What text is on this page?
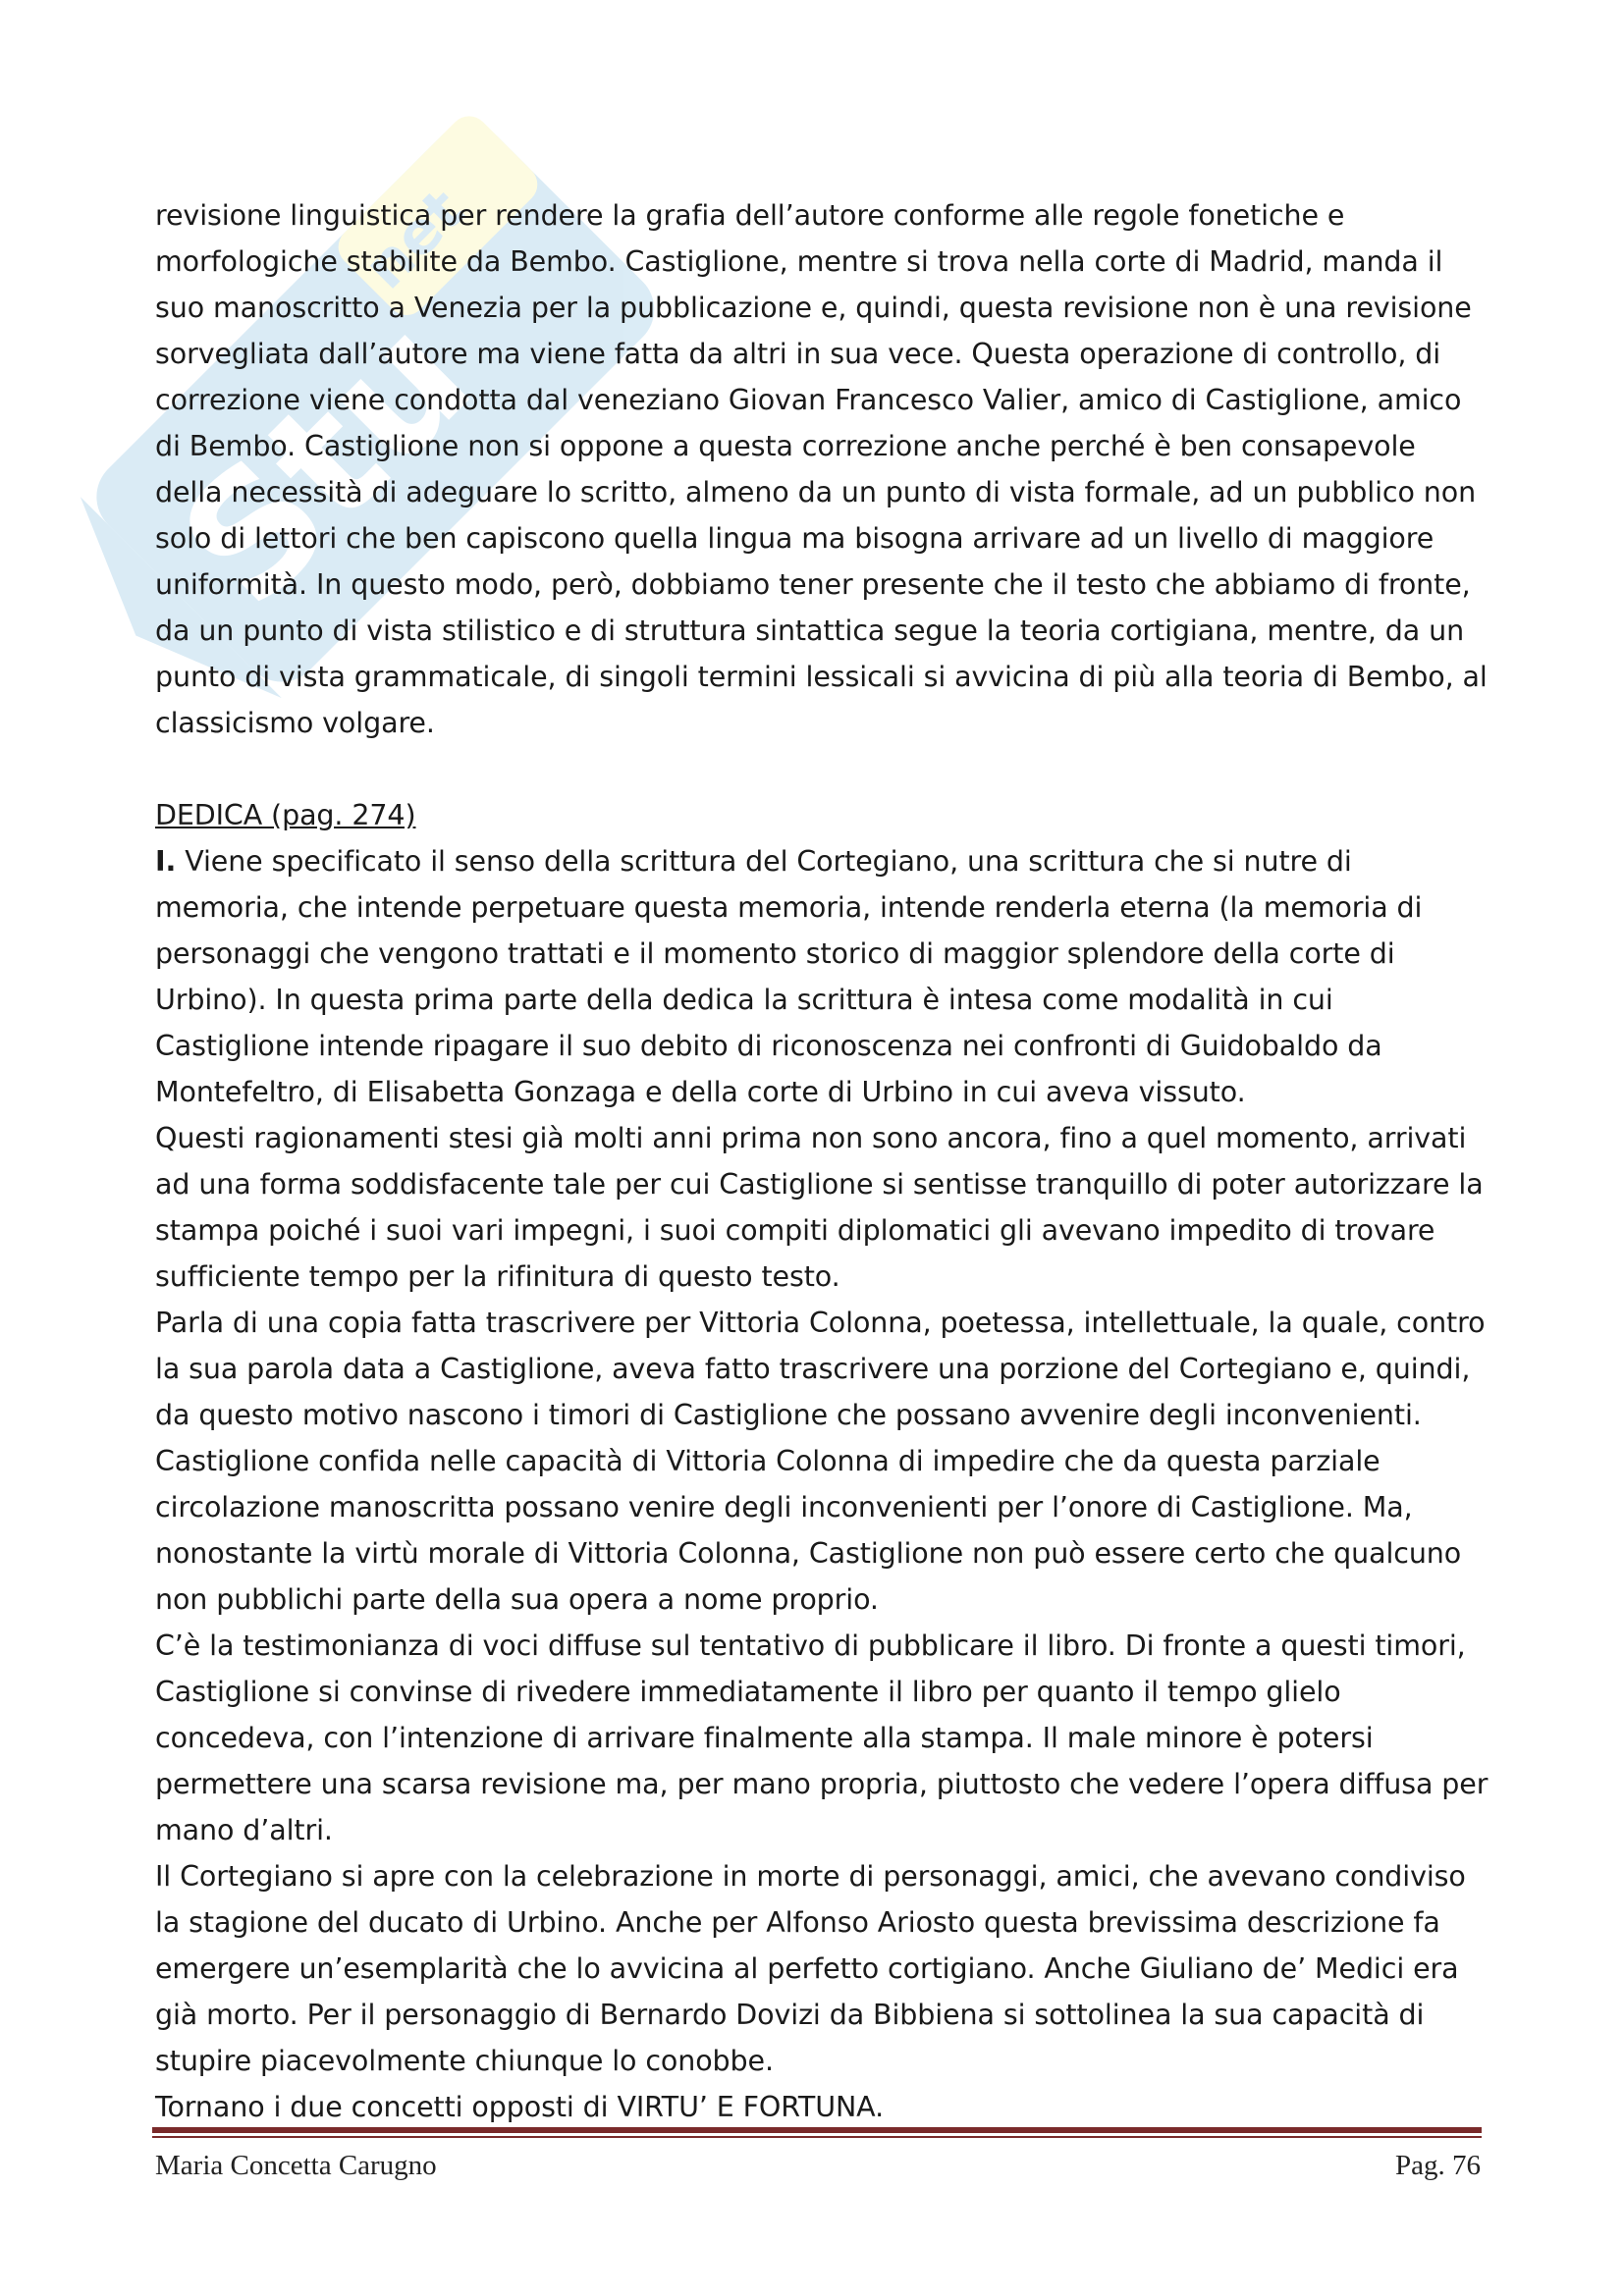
Stu
net

revisione linguistica per rendere la grafia dell’autore conforme alle regole fonetiche e morfologiche stabilite da Bembo. Castiglione, mentre si trova nella corte di Madrid, manda il suo manoscritto a Venezia per la pubblicazione e, quindi, questa revisione non è una revisione sorvegliata dall’autore ma viene fatta da altri in sua vece. Questa operazione di controllo, di correzione viene condotta dal veneziano Giovan Francesco Valier, amico di Castiglione, amico di Bembo. Castiglione non si oppone a questa correzione anche perché è ben consapevole della necessità di adeguare lo scritto, almeno da un punto di vista formale, ad un pubblico non solo di lettori che ben capiscono quella lingua ma bisogna arrivare ad un livello di maggiore uniformità. In questo modo, però, dobbiamo tener presente che il testo che abbiamo di fronte, da un punto di vista stilistico e di struttura sintattica segue la teoria cortigiana, mentre, da un punto di vista grammaticale, di singoli termini lessicali si avvicina di più alla teoria di Bembo, al classicismo volgare.

DEDICA (pag. 274)

I. Viene specificato il senso della scrittura del Cortegiano, una scrittura che si nutre di memoria, che intende perpetuare questa memoria, intende renderla eterna (la memoria di personaggi che vengono trattati e il momento storico di maggior splendore della corte di Urbino). In questa prima parte della dedica la scrittura è intesa come modalità in cui Castiglione intende ripagare il suo debito di riconoscenza nei confronti di Guidobaldo da Montefeltro, di Elisabetta Gonzaga e della corte di Urbino in cui aveva vissuto.

Questi ragionamenti stesi già molti anni prima non sono ancora, fino a quel momento, arrivati ad una forma soddisfacente tale per cui Castiglione si sentisse tranquillo di poter autorizzare la stampa poiché i suoi vari impegni, i suoi compiti diplomatici gli avevano impedito di trovare sufficiente tempo per la rifinitura di questo testo.

Parla di una copia fatta trascrivere per Vittoria Colonna, poetessa, intellettuale, la quale, contro la sua parola data a Castiglione, aveva fatto trascrivere una porzione del Cortegiano e, quindi, da questo motivo nascono i timori di Castiglione che possano avvenire degli inconvenienti. Castiglione confida nelle capacità di Vittoria Colonna di impedire che da questa parziale circolazione manoscritta possano venire degli inconvenienti per l’onore di Castiglione. Ma, nonostante la virtù morale di Vittoria Colonna, Castiglione non può essere certo che qualcuno non pubblichi parte della sua opera a nome proprio.

C’è la testimonianza di voci diffuse sul tentativo di pubblicare il libro. Di fronte a questi timori, Castiglione si convinse di rivedere immediatamente il libro per quanto il tempo glielo concedeva, con l’intenzione di arrivare finalmente alla stampa. Il male minore è potersi permettere una scarsa revisione ma, per mano propria, piuttosto che vedere l’opera diffusa per mano d’altri.

Il Cortegiano si apre con la celebrazione in morte di personaggi, amici, che avevano condiviso la stagione del ducato di Urbino. Anche per Alfonso Ariosto questa brevissima descrizione fa emergere un’esemplarità che lo avvicina al perfetto cortigiano. Anche Giuliano de’ Medici era già morto. Per il personaggio di Bernardo Dovizi da Bibbiena si sottolinea la sua capacità di stupire piacevolmente chiunque lo conobbe.

Tornano i due concetti opposti di VIRTU’ E FORTUNA.

Maria Concetta Carugno	Pag. 76
